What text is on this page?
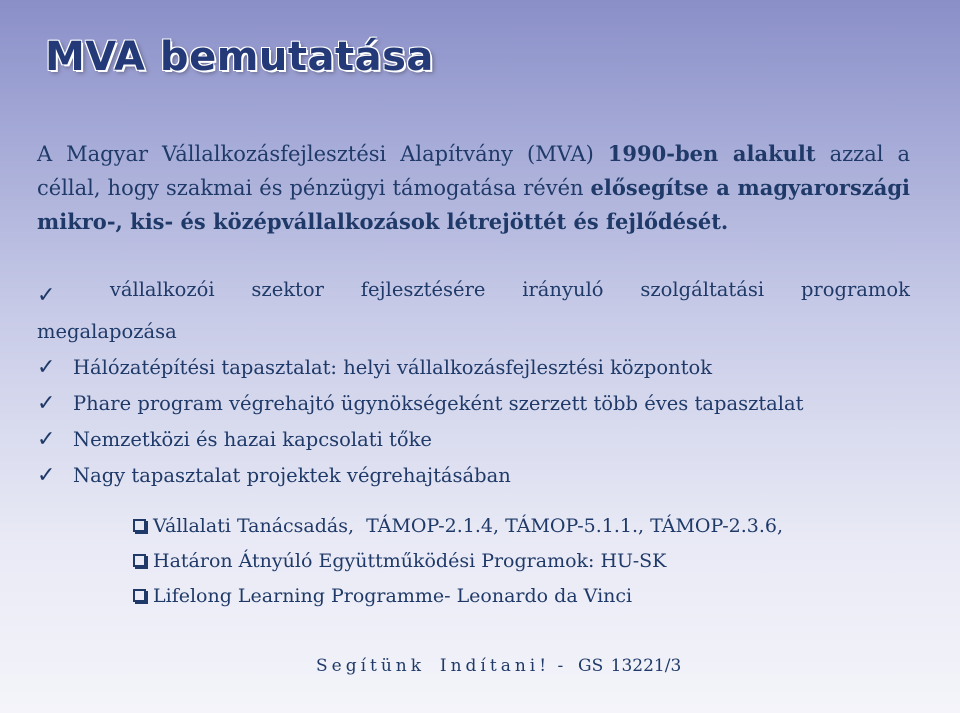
MVA bemutatása
A Magyar Vállalkozásfejlesztési Alapítvány (MVA) 1990-ben alakult azzal a céllal, hogy szakmai és pénzügyi támogatása révén elősegítse a magyarországi mikro-, kis- és középvállalkozások létrejöttét és fejlődését.
✓	vállalkozói szektor fejlesztésére irányuló szolgáltatási programok
megalapozása
✓ Hálózatépítési tapasztalat: helyi vállalkozásfejlesztési központok
✓ Phare program végrehajtó ügynökségeként szerzett több éves tapasztalat
✓ Nemzetközi és hazai kapcsolati tőke
✓ Nagy tapasztalat projektek végrehajtásában
Vállalati Tanácsadás,  TÁMOP-2.1.4, TÁMOP-5.1.1., TÁMOP-2.3.6,
Határon Átnyúló Együttműködési Programok: HU-SK
Lifelong Learning Programme- Leonardo da Vinci
Segítünk Indítani! -  GS 13221/3
